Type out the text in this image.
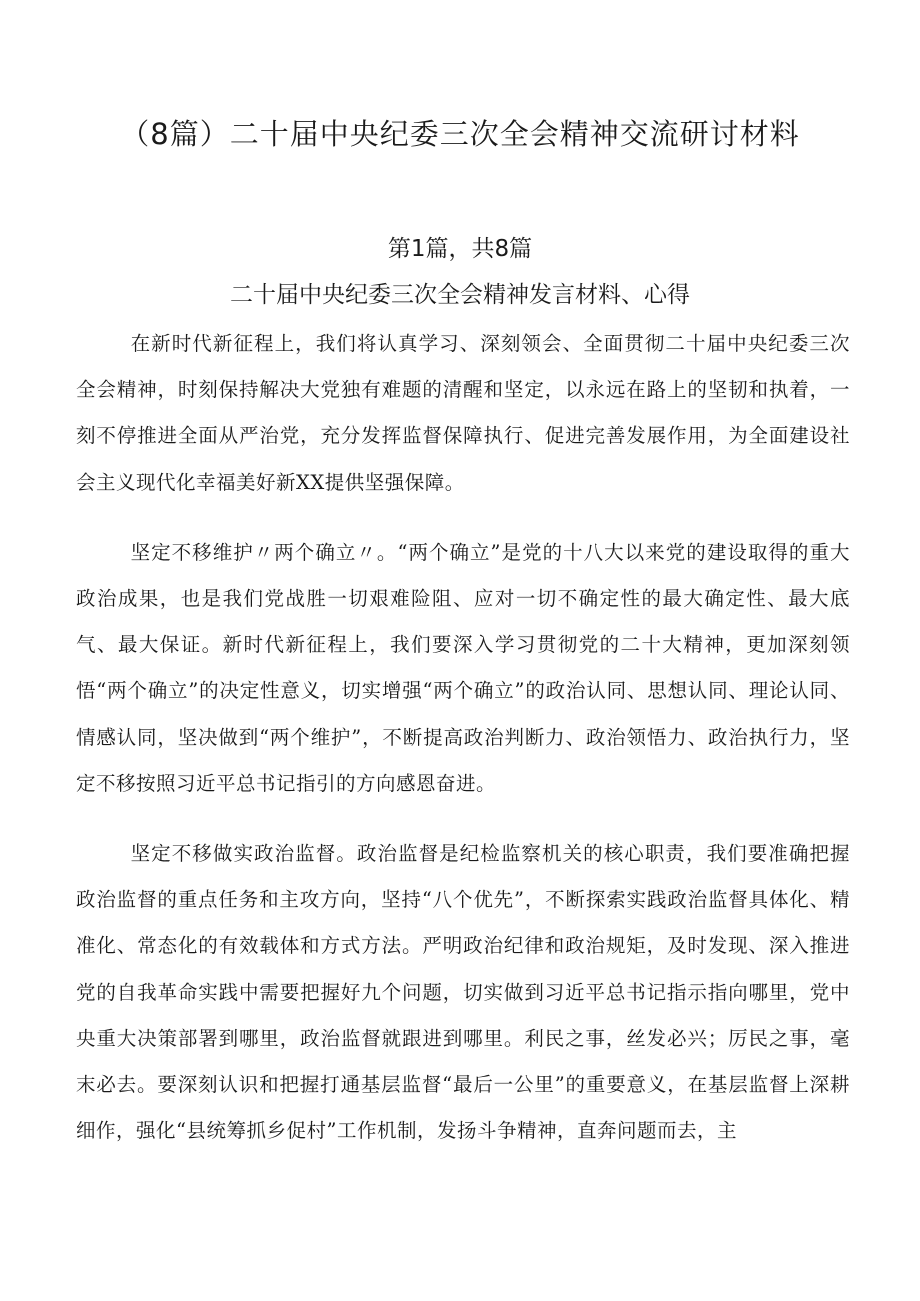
（8篇）二十届中央纪委三次全会精神交流研讨材料
第1篇，共8篇
二十届中央纪委三次全会精神发言材料、心得

在新时代新征程上，我们将认真学习、深刻领会、全面贯彻二十届中央纪委三次全会精神，时刻保持解决大党独有难题的清醒和坚定，以永远在路上的坚韧和执着，一刻不停推进全面从严治党，充分发挥监督保障执行、促进完善发展作用，为全面建设社会主义现代化幸福美好新XX提供坚强保障。

坚定不移维护〃两个确立〃。“两个确立”是党的十八大以来党的建设取得的重大政治成果，也是我们党战胜一切艰难险阻、应对一切不确定性的最大确定性、最大底气、最大保证。新时代新征程上，我们要深入学习贯彻党的二十大精神，更加深刻领悟“两个确立”的决定性意义，切实增强“两个确立”的政治认同、思想认同、理论认同、情感认同，坚决做到“两个维护”，不断提高政治判断力、政治领悟力、政治执行力，坚定不移按照习近平总书记指引的方向感恩奋进。

坚定不移做实政治监督。政治监督是纪检监察机关的核心职责，我们要准确把握政治监督的重点任务和主攻方向，坚持“八个优先”，不断探索实践政治监督具体化、精准化、常态化的有效载体和方式方法。严明政治纪律和政治规矩，及时发现、深入推进党的自我革命实践中需要把握好九个问题，切实做到习近平总书记指示指向哪里，党中央重大决策部署到哪里，政治监督就跟进到哪里。利民之事，丝发必兴；厉民之事，毫末必去。要深刻认识和把握打通基层监督“最后一公里”的重要意义，在基层监督上深耕细作，强化“县统筹抓乡促村”工作机制，发扬斗争精神，直奔问题而去，主
